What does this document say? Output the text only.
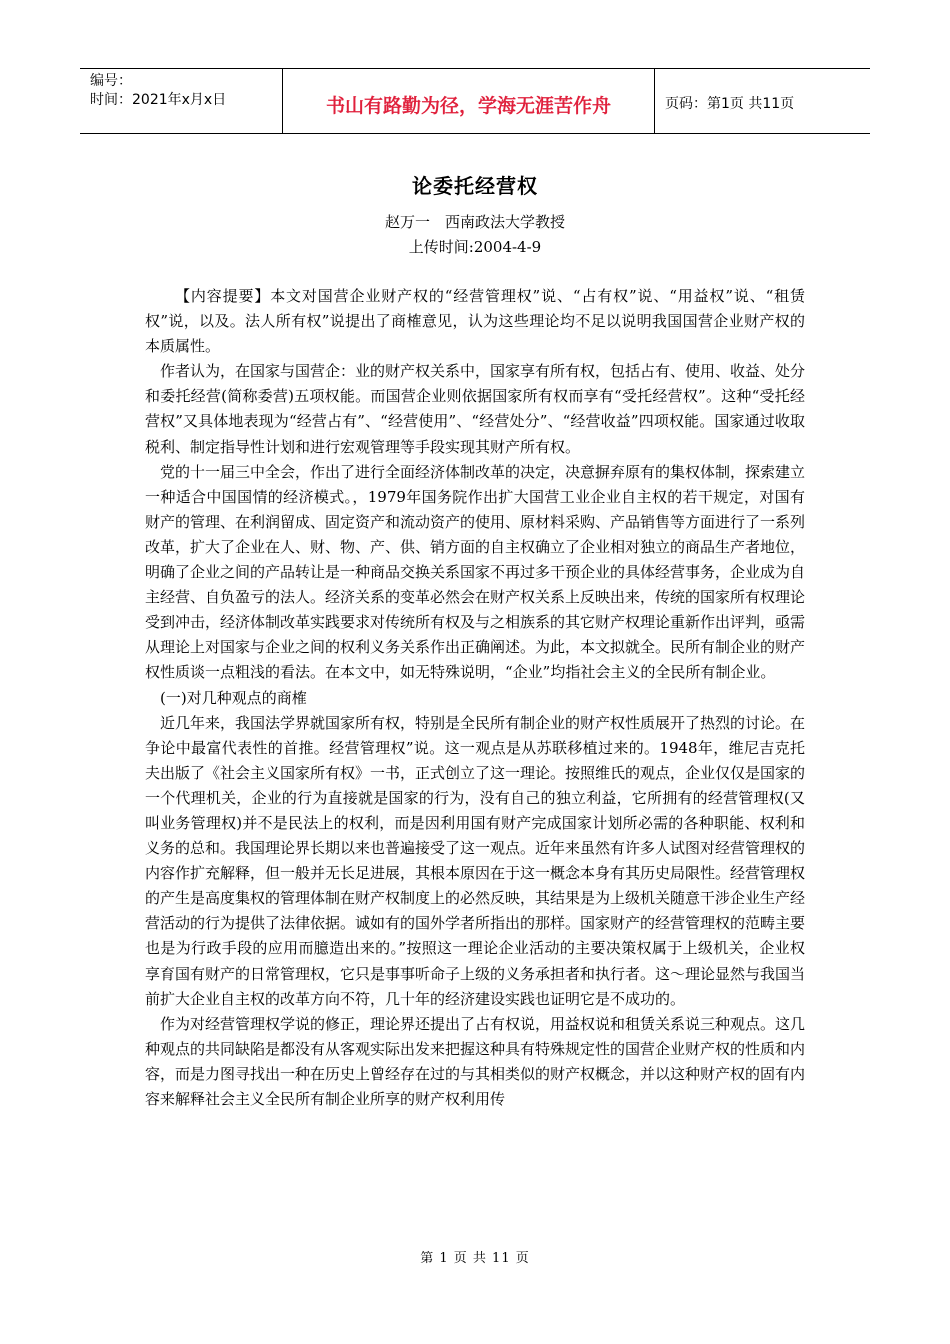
编号：
时间：2021年x月x日	书山有路勤为径，学海无涯苦作舟	页码：第1页 共11页
论委托经营权
赵万一　西南政法大学教授
上传时间:2004-4-9

【内容提要】本文对国营企业财产权的“经营管理权”说、“占有权”说、“用益权”说、“租赁权”说，以及。法人所有权”说提出了商榷意见，认为这些理论均不足以说明我国国营企业财产权的本质属性。

作者认为，在国家与国营企：业的财产权关系中，国家享有所有权，包括占有、使用、收益、处分和委托经营(简称委营)五项权能。而国营企业则依据国家所有权而享有“受托经营权”。这种“受托经营权”又具体地表现为“经营占有”、“经营使用”、“经营处分”、“经营收益”四项权能。国家通过收取税利、制定指导性计划和进行宏观管理等手段实现其财产所有权。

党的十一届三中全会，作出了进行全面经济体制改革的决定，决意摒弃原有的集权体制，探索建立一种适合中国国情的经济模式。，1979年国务院作出扩大国营工业企业自主权的若干规定，对国有财产的管理、在利润留成、固定资产和流动资产的使用、原材料采购、产品销售等方面进行了一系列改革，扩大了企业在人、财、物、产、供、销方面的自主权确立了企业相对独立的商品生产者地位，明确了企业之间的产品转让是一种商品交换关系国家不再过多干预企业的具体经营事务，企业成为自主经营、自负盈亏的法人。经济关系的变革必然会在财产权关系上反映出来，传统的国家所有权理论受到冲击，经济体制改革实践要求对传统所有权及与之相族系的其它财产权理论重新作出评判，亟需从理论上对国家与企业之间的权利义务关系作出正确阐述。为此，本文拟就全。民所有制企业的财产权性质谈一点粗浅的看法。在本文中，如无特殊说明，“企业”均指社会主义的全民所有制企业。

(一)对几种观点的商榷

近几年来，我国法学界就国家所有权，特别是全民所有制企业的财产权性质展开了热烈的讨论。在争论中最富代表性的首推。经营管理权”说。这一观点是从苏联移植过来的。1948年，维尼吉克托夫出版了《社会主义国家所有权》一书，正式创立了这一理论。按照维氏的观点，企业仅仅是国家的一个代理机关，企业的行为直接就是国家的行为，没有自己的独立利益，它所拥有的经营管理权(又叫业务管理权)并不是民法上的权利，而是因利用国有财产完成国家计划所必需的各种职能、权利和义务的总和。我国理论界长期以来也普遍接受了这一观点。近年来虽然有许多人试图对经营管理权的内容作扩充解释，但一般并无长足进展，其根本原因在于这一概念本身有其历史局限性。经营管理权的产生是高度集权的管理体制在财产权制度上的必然反映，其结果是为上级机关随意干涉企业生产经营活动的行为提供了法律依据。诚如有的国外学者所指出的那样。国家财产的经营管理权的范畴主要也是为行政手段的应用而臆造出来的。”按照这一理论企业活动的主要决策权属于上级机关，企业权享育国有财产的日常管理权，它只是事事听命子上级的义务承担者和执行者。这～理论显然与我国当前扩大企业自主权的改革方向不符，几十年的经济建设实践也证明它是不成功的。

作为对经营管理权学说的修正，理论界还提出了占有权说，用益权说和租赁关系说三种观点。这几种观点的共同缺陷是都没有从客观实际出发来把握这种具有特殊规定性的国营企业财产权的性质和内容，而是力图寻找出一种在历史上曾经存在过的与其相类似的财产权概念，并以这种财产权的固有内容来解释社会主义全民所有制企业所享的财产权利用传

第 1 页 共 11 页
